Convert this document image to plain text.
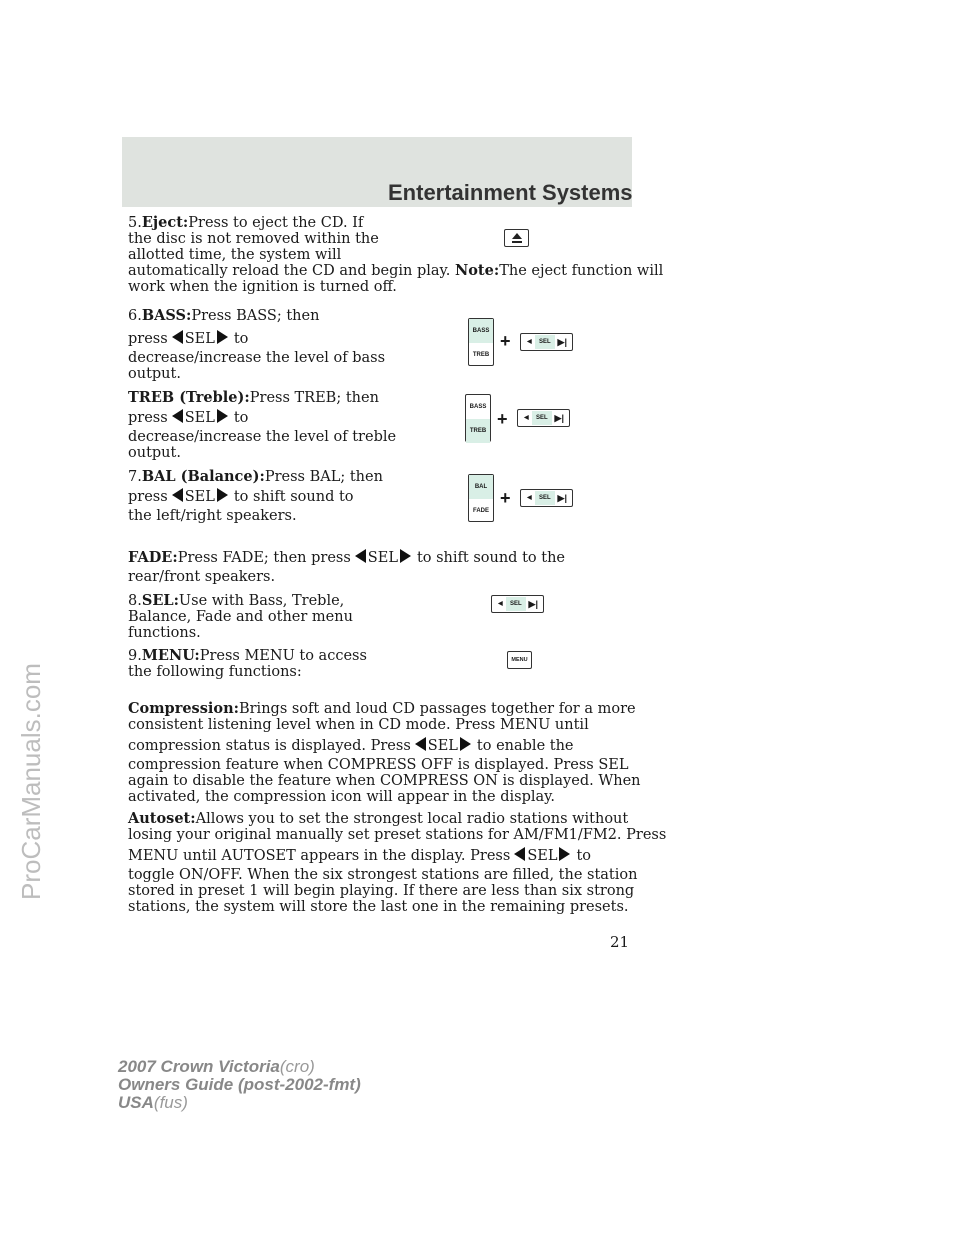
Entertainment Systems
5.Eject:Press to eject the CD. If
the disc is not removed within the
allotted time, the system will
automatically reload the CD and begin play. Note:The eject function will
work when the ignition is turned off.
6.BASS:Press BASS; then
press SEL to
decrease/increase the level of bass
output.
BASS
TREB
+	◀ SEL ▶|
TREB (Treble):Press TREB; then
press SEL to
decrease/increase the level of treble
output.
BASS
TREB
+	◀ SEL ▶|
7.BAL (Balance):Press BAL; then
press SEL to shift sound to
the left/right speakers.
BAL
FADE
+	◀ SEL ▶|
FADE:Press FADE; then press SEL to shift sound to the
rear/front speakers.
8.SEL:Use with Bass, Treble,
Balance, Fade and other menu
functions.
◀ SEL ▶|
9.MENU:Press MENU to access
the following functions:
MENU
Compression:Brings soft and loud CD passages together for a more
consistent listening level when in CD mode. Press MENU until
compression status is displayed. Press SEL to enable the
compression feature when COMPRESS OFF is displayed. Press SEL
again to disable the feature when COMPRESS ON is displayed. When
activated, the compression icon will appear in the display.
Autoset:Allows you to set the strongest local radio stations without
losing your original manually set preset stations for AM/FM1/FM2. Press
MENU until AUTOSET appears in the display. Press SEL to
toggle ON/OFF. When the six strongest stations are filled, the station
stored in preset 1 will begin playing. If there are less than six strong
stations, the system will store the last one in the remaining presets.
21
2007 Crown Victoria(cro)
Owners Guide (post-2002-fmt)
USA(fus)
ProCarManuals.com
